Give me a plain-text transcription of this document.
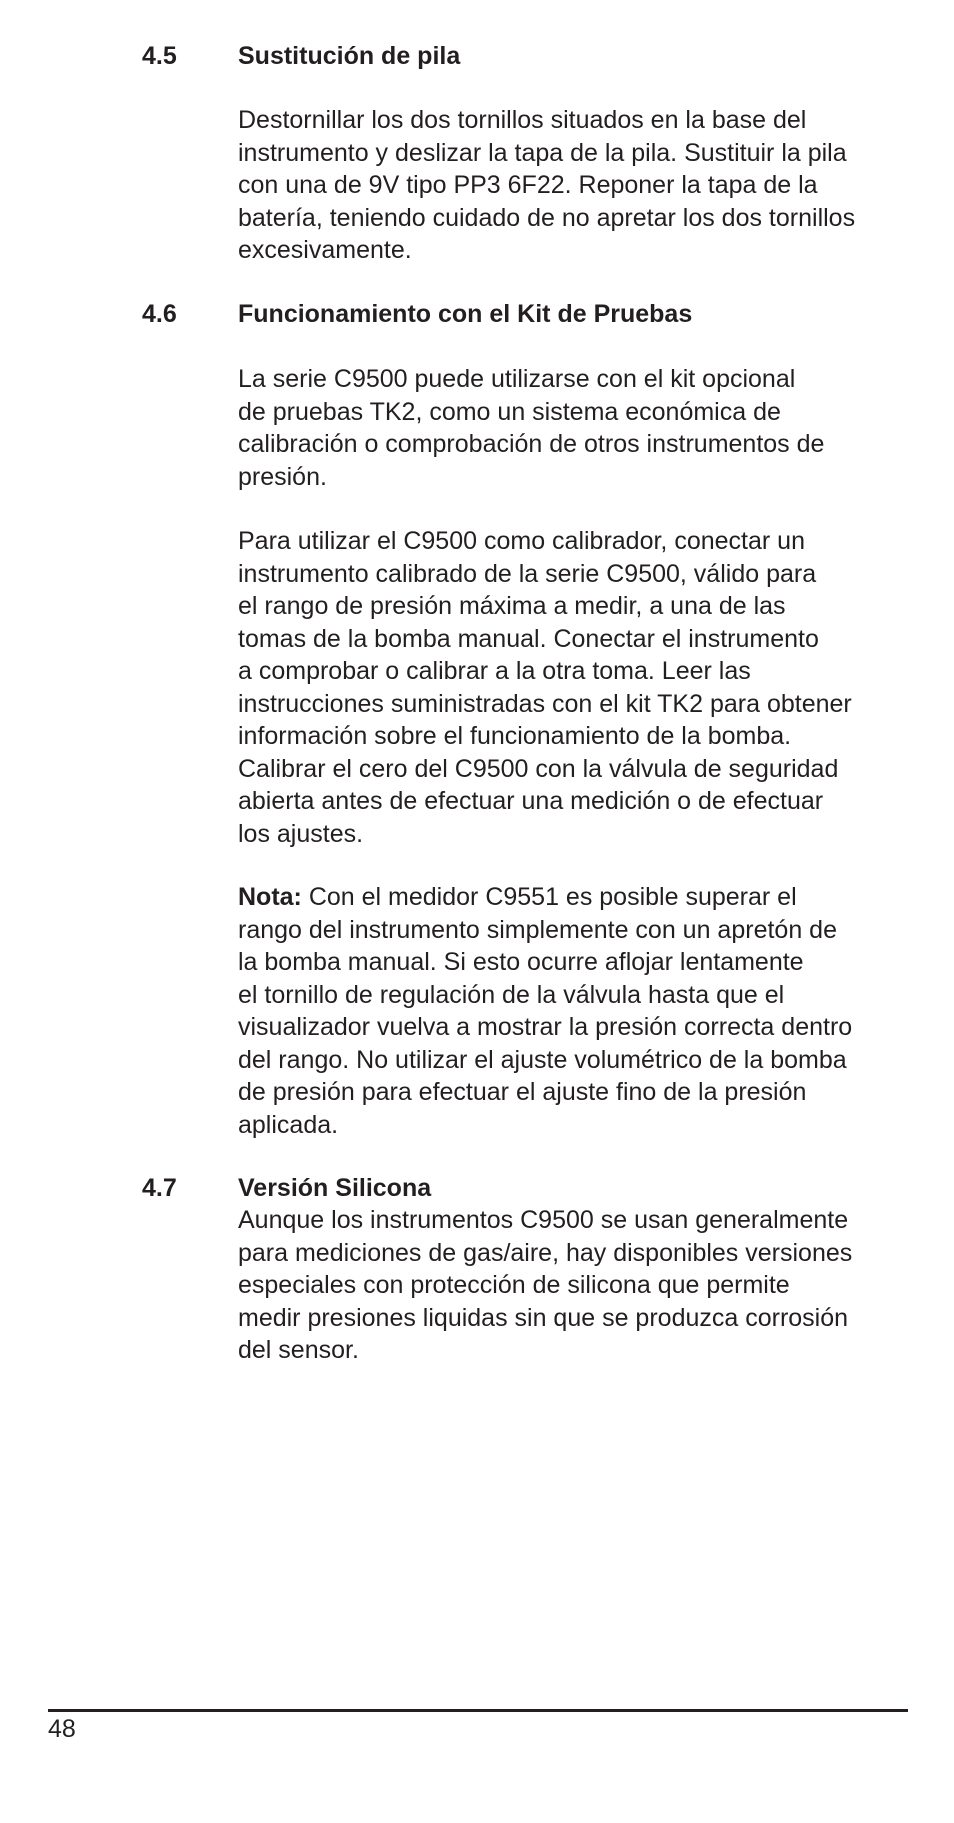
4.5 Sustitución de pila
Destornillar los dos tornillos situados en la base del
instrumento y deslizar la tapa de la pila. Sustituir la pila
con una de 9V tipo PP3 6F22. Reponer la tapa de la
batería, teniendo cuidado de no apretar los dos tornillos
excesivamente.
4.6 Funcionamiento con el Kit de Pruebas
La serie C9500 puede utilizarse con el kit opcional
de pruebas TK2, como un sistema económica de
calibración o comprobación de otros instrumentos de
presión.
Para utilizar el C9500 como calibrador, conectar un
instrumento calibrado de la serie C9500, válido para
el rango de presión máxima a medir, a una de las
tomas de la bomba manual. Conectar el instrumento
a comprobar o calibrar a la otra toma. Leer las
instrucciones suministradas con el kit TK2 para obtener
información sobre el funcionamiento de la bomba.
Calibrar el cero del C9500 con la válvula de seguridad
abierta antes de efectuar una medición o de efectuar
los ajustes.
Nota: Con el medidor C9551 es posible superar el
rango del instrumento simplemente con un apretón de
la bomba manual. Si esto ocurre aflojar lentamente
el tornillo de regulación de la válvula hasta que el
visualizador vuelva a mostrar la presión correcta dentro
del rango. No utilizar el ajuste volumétrico de la bomba
de presión para efectuar el ajuste fino de la presión
aplicada.
4.7 Versión Silicona
Aunque los instrumentos C9500 se usan generalmente
para mediciones de gas/aire, hay disponibles versiones
especiales con protección de silicona que permite
medir presiones liquidas sin que se produzca corrosión
del sensor.
48
